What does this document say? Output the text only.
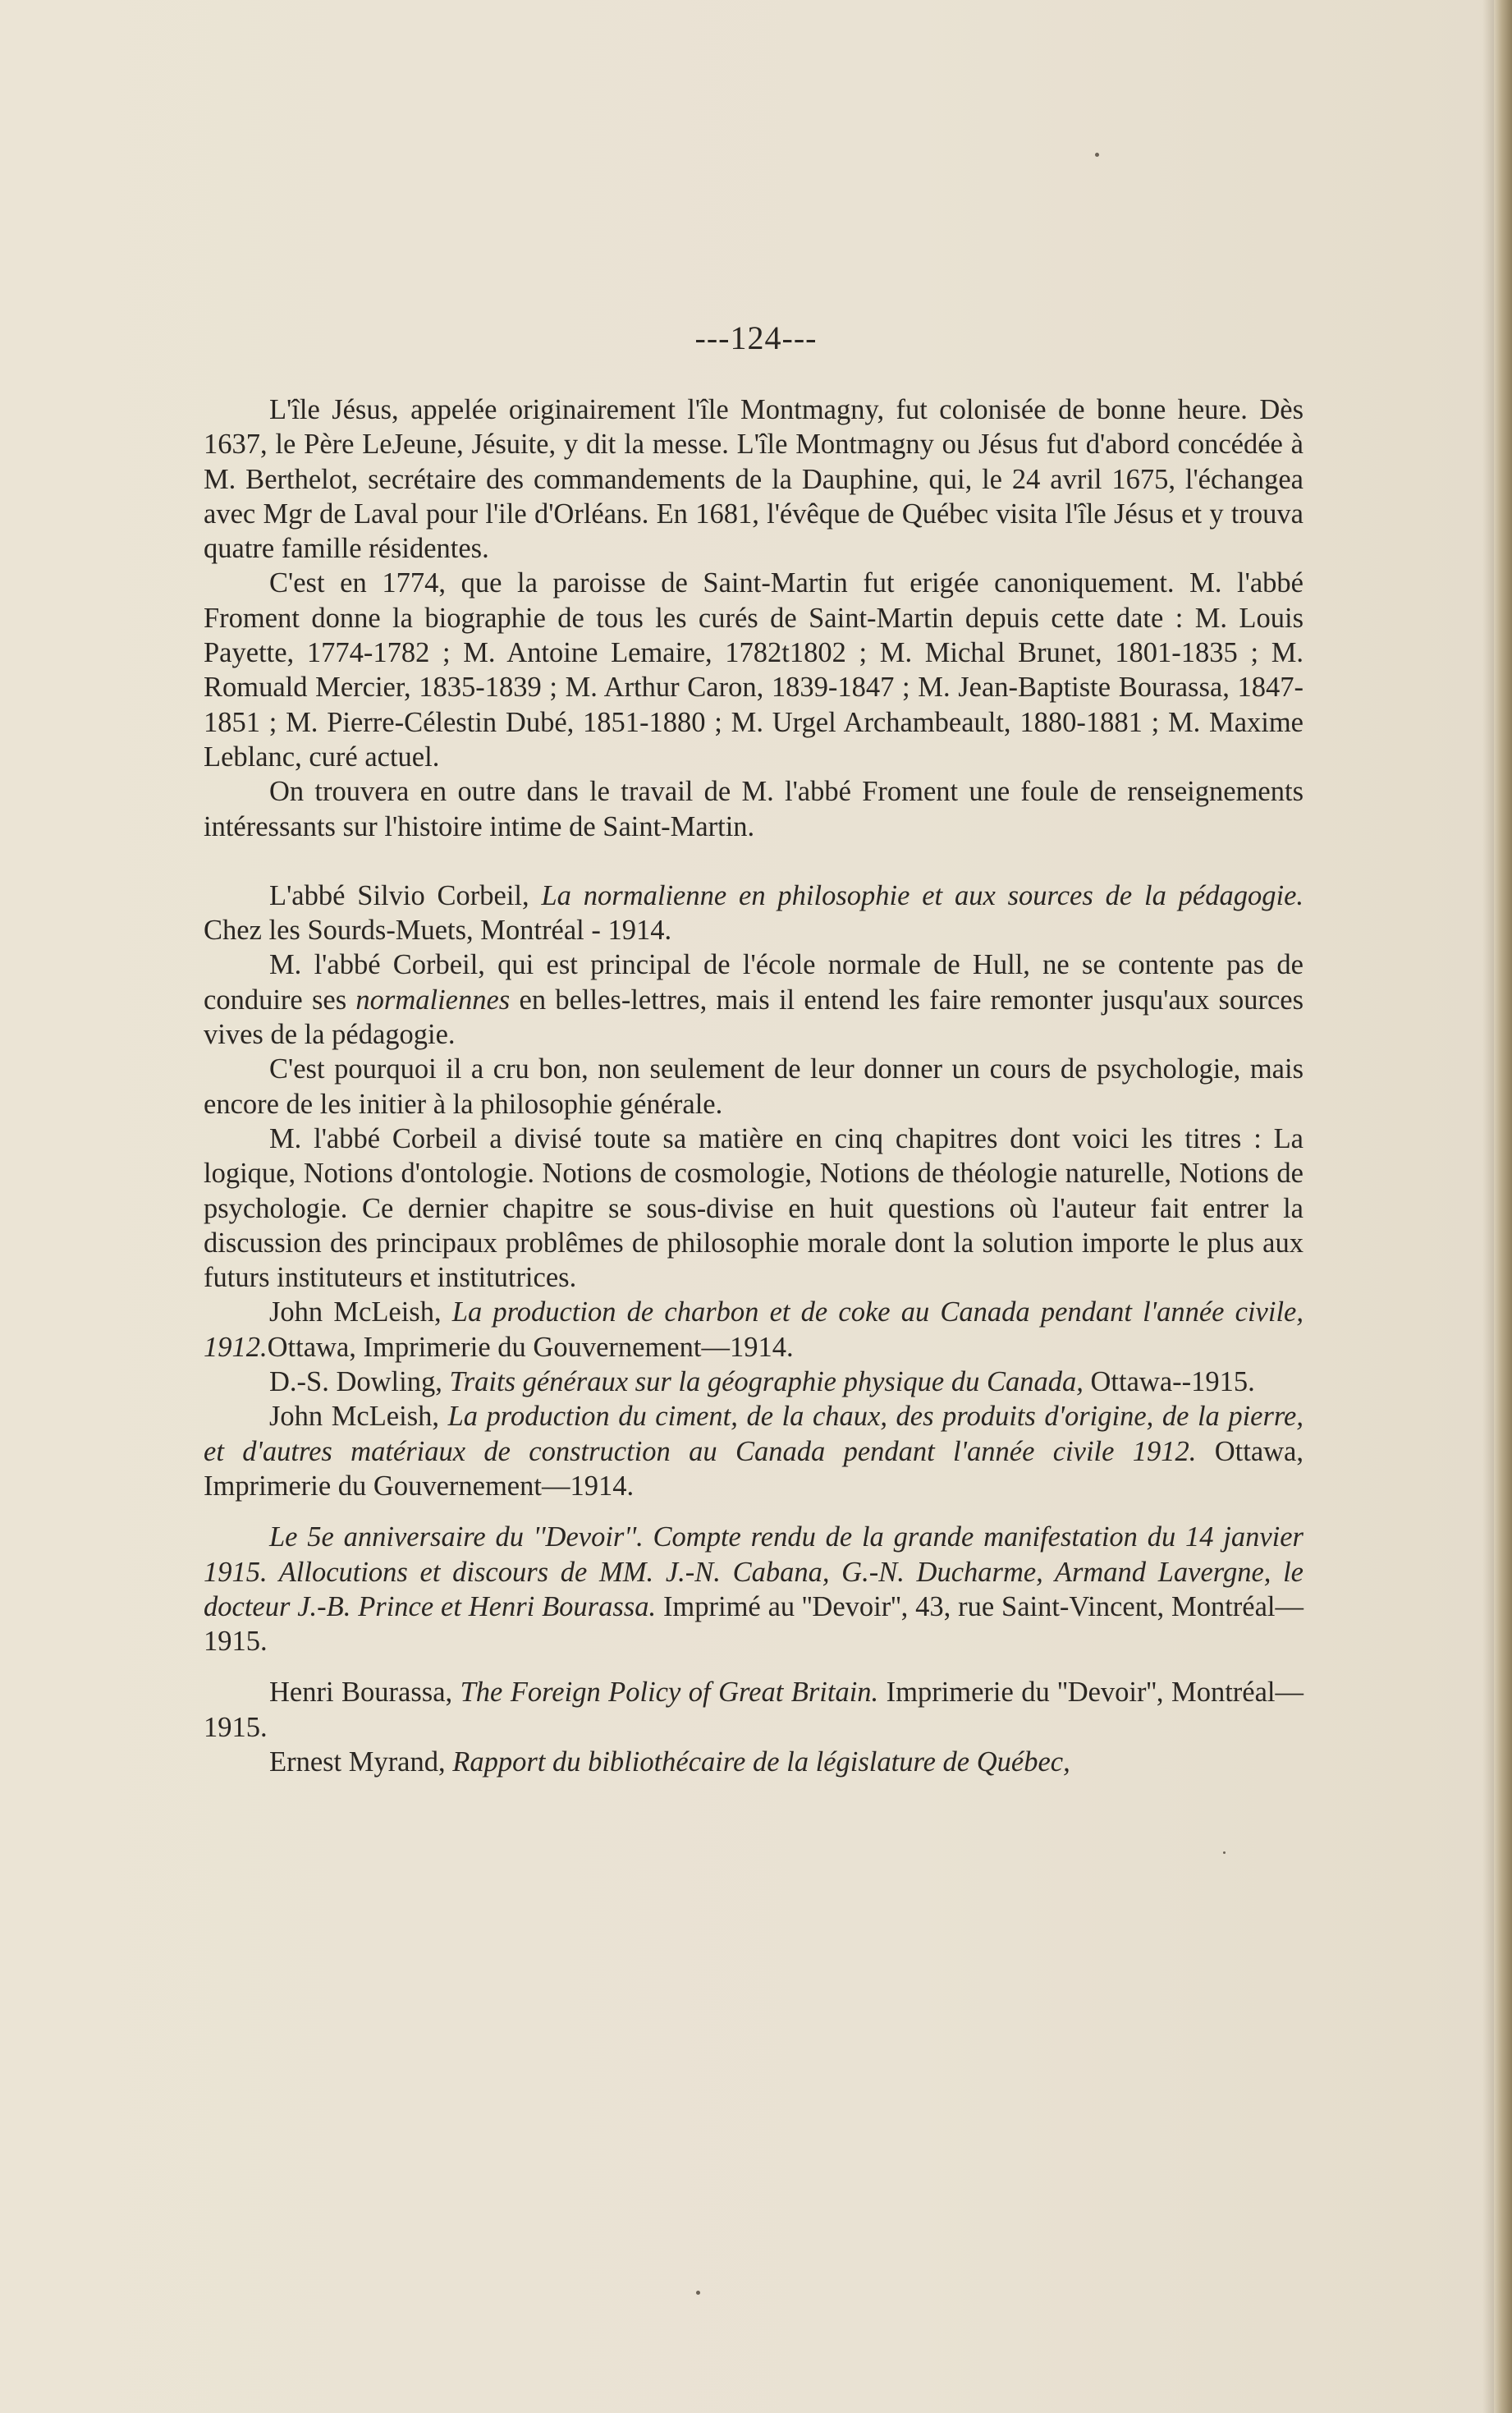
---124---

L'île Jésus, appelée originairement l'île Montmagny, fut colonisée de bonne heure. Dès 1637, le Père LeJeune, Jésuite, y dit la messe. L'île Montmagny ou Jésus fut d'abord concédée à M. Berthelot, secrétaire des commandements de la Dauphine, qui, le 24 avril 1675, l'échangea avec Mgr de Laval pour l'ile d'Orléans. En 1681, l'évêque de Québec visita l'île Jésus et y trouva quatre famille résidentes.

C'est en 1774, que la paroisse de Saint-Martin fut erigée canoniquement. M. l'abbé Froment donne la biographie de tous les curés de Saint-Martin depuis cette date : M. Louis Payette, 1774-1782 ; M. Antoine Lemaire, 1782t1802 ; M. Michal Brunet, 1801-1835 ; M. Romuald Mercier, 1835-1839 ; M. Arthur Caron, 1839-1847 ; M. Jean-Baptiste Bourassa, 1847-1851 ; M. Pierre-Célestin Dubé, 1851-1880 ; M. Urgel Archambeault, 1880-1881 ; M. Maxime Leblanc, curé actuel.

On trouvera en outre dans le travail de M. l'abbé Froment une foule de renseignements intéressants sur l'histoire intime de Saint-Martin.

L'abbé Silvio Corbeil, La normalienne en philosophie et aux sources de la pédagogie. Chez les Sourds-Muets, Montréal - 1914.

M. l'abbé Corbeil, qui est principal de l'école normale de Hull, ne se contente pas de conduire ses normaliennes en belles-lettres, mais il entend les faire remonter jusqu'aux sources vives de la pédagogie.

C'est pourquoi il a cru bon, non seulement de leur donner un cours de psychologie, mais encore de les initier à la philosophie générale.

M. l'abbé Corbeil a divisé toute sa matière en cinq chapitres dont voici les titres : La logique, Notions d'ontologie. Notions de cosmologie, Notions de théologie naturelle, Notions de psychologie. Ce dernier chapitre se sous-divise en huit questions où l'auteur fait entrer la discussion des principaux problêmes de philosophie morale dont la solution importe le plus aux futurs instituteurs et institutrices.

John McLeish, La production de charbon et de coke au Canada pendant l'année civile, 1912.Ottawa, Imprimerie du Gouvernement—1914.

D.-S. Dowling, Traits généraux sur la géographie physique du Canada, Ottawa--1915.

John McLeish, La production du ciment, de la chaux, des produits d'origine, de la pierre, et d'autres matériaux de construction au Canada pendant l'année civile 1912. Ottawa, Imprimerie du Gouvernement—1914.

Le 5e anniversaire du ''Devoir''. Compte rendu de la grande manifestation du 14 janvier 1915. Allocutions et discours de MM. J.-N. Cabana, G.-N. Ducharme, Armand Lavergne, le docteur J.-B. Prince et Henri Bourassa. Imprimé au ''Devoir'', 43, rue Saint-Vincent, Montréal—1915.

Henri Bourassa, The Foreign Policy of Great Britain. Imprimerie du ''Devoir'', Montréal—1915.

Ernest Myrand, Rapport du bibliothécaire de la législature de Québec,
